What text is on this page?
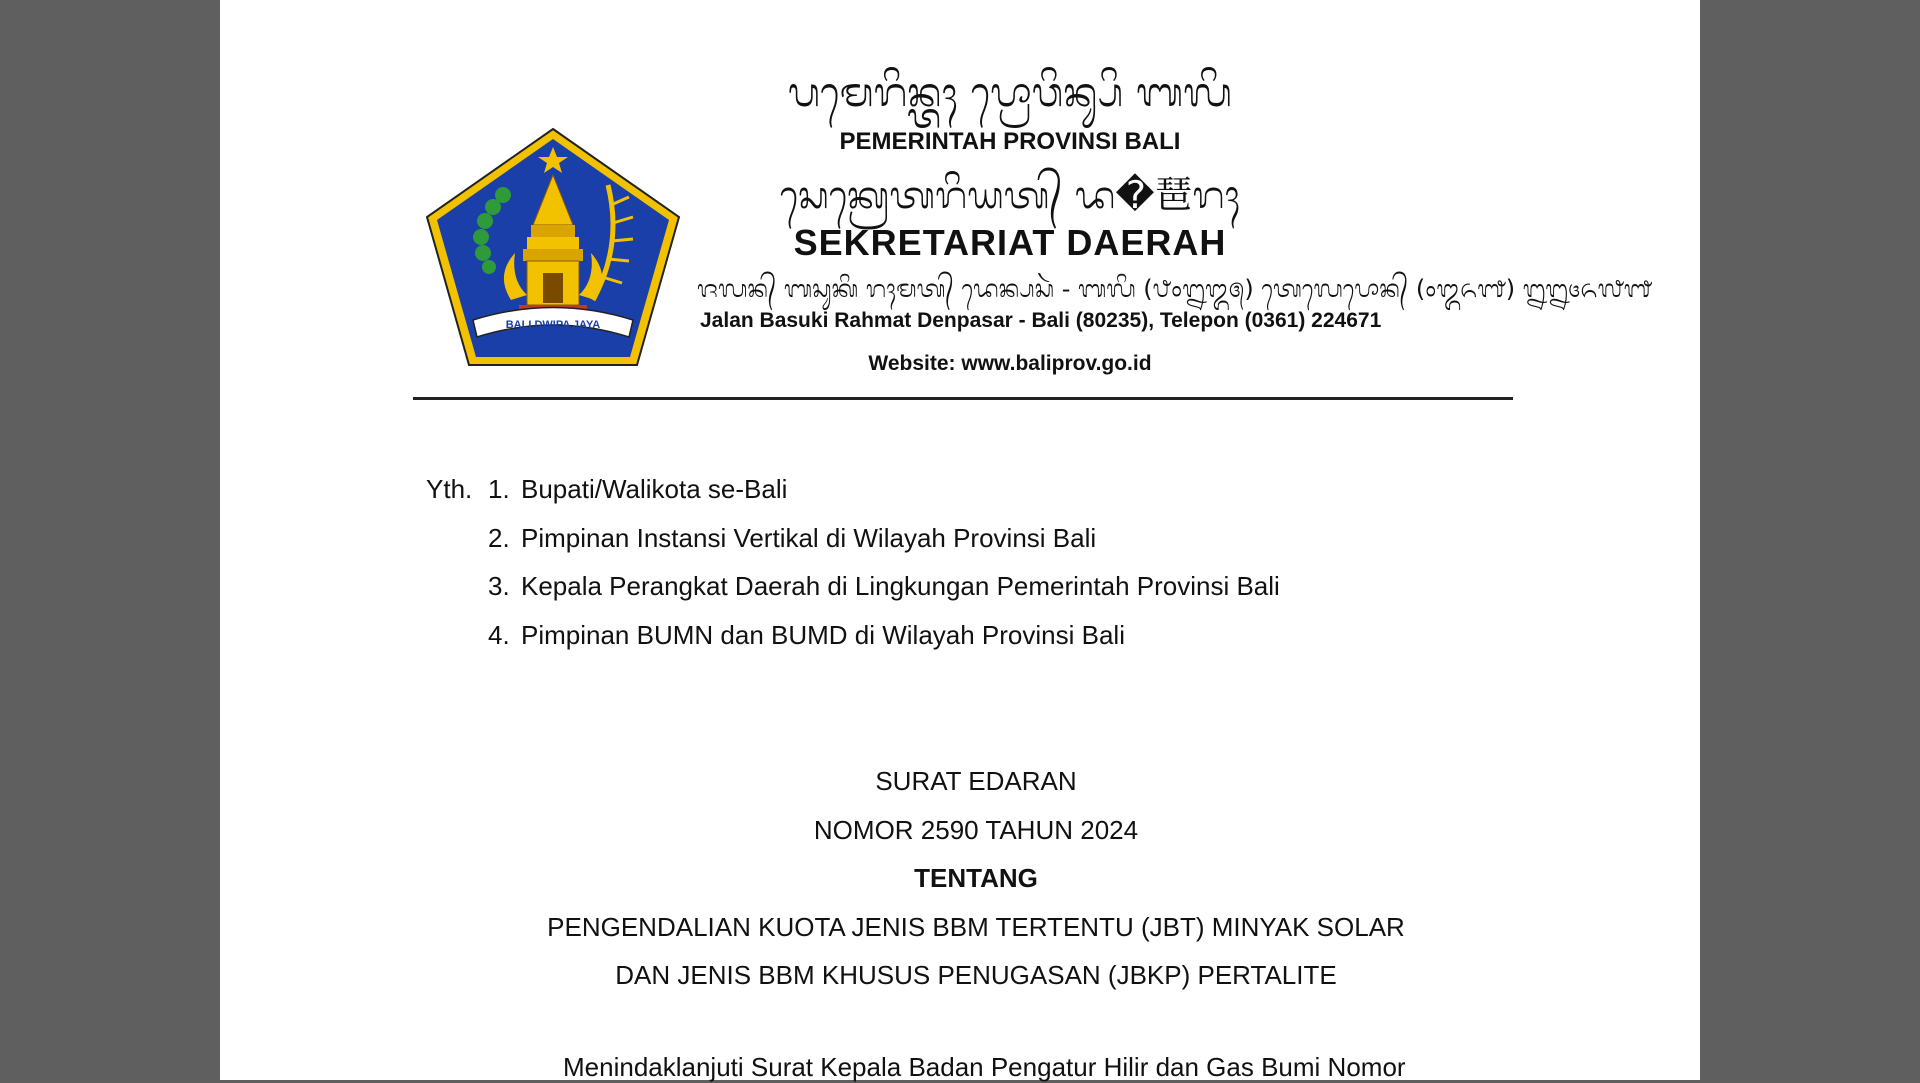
BALI DWIPA JAYA
ᬧᬫᬾᬭᬶᬦ᭄ᬢᬄ ᬧ᭄ᬭᭀᬯᬶᬦ᭄ᬲᬶ ᬩᬮᬶ
PEMERINTAH PROVINSI BALI
ᬲᬾᬓ᭄ᬭᬾᬢᬭᬶᬬᬢ᭄ ᬤ�琶ᬭᬄ
SEKRETARIAT DAERAH
ᬚᬮᬦ᭄ ᬩᬲᬸᬓᬶ ᬭᬄᬫᬢ᭄ ᬤᬾᬦ᭄ᬧᬲᬃ - ᬩᬮᬶ (᭘᭐᭒᭓᭕) ᬢᬾᬮᬾᬧᭀᬦ᭄ (᭐᭓᭖᭑) ᭒᭒᭔᭖᭗᭑
Jalan Basuki Rahmat Denpasar - Bali (80235), Telepon (0361) 224671
Website: www.baliprov.go.id
Yth. 1. Bupati/Walikota se-Bali
2. Pimpinan Instansi Vertikal di Wilayah Provinsi Bali
3. Kepala Perangkat Daerah di Lingkungan Pemerintah Provinsi Bali
4. Pimpinan BUMN dan BUMD di Wilayah Provinsi Bali
SURAT EDARAN
NOMOR 2590 TAHUN 2024
TENTANG
PENGENDALIAN KUOTA JENIS BBM TERTENTU (JBT) MINYAK SOLAR
DAN JENIS BBM KHUSUS PENUGASAN (JBKP) PERTALITE
Menindaklanjuti Surat Kepala Badan Pengatur Hilir dan Gas Bumi Nomor
